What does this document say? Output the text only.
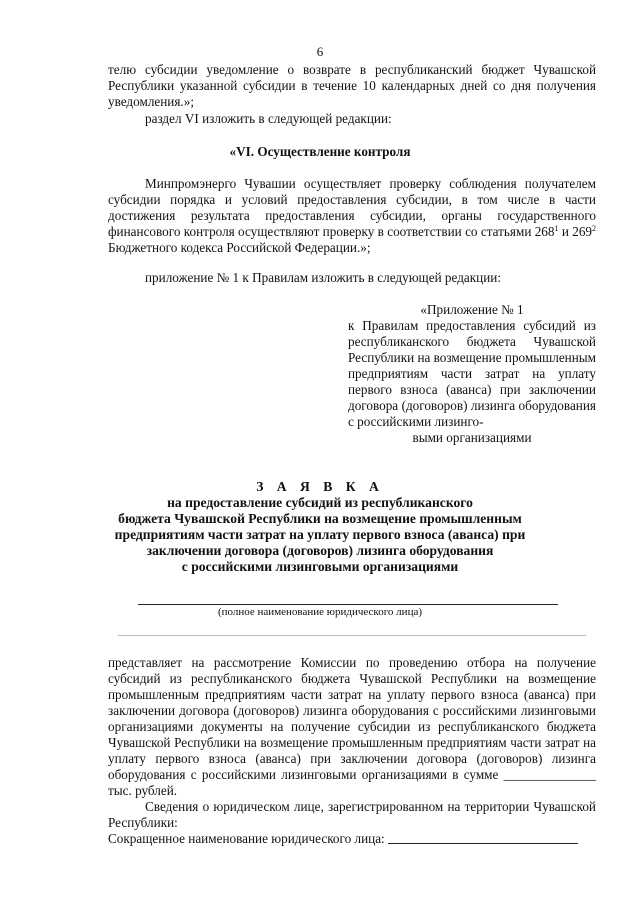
6

телю субсидии уведомление о возврате в республиканский бюджет Чувашской Республики указанной субсидии в течение 10 календарных дней со дня получения уведомления.»;

раздел VI изложить в следующей редакции:

«VI. Осуществление контроля

Минпромэнерго Чувашии осуществляет проверку соблюдения получателем субсидии порядка и условий предоставления субсидии, в том числе в части достижения результата предоставления субсидии, органы государственного финансового контроля осуществляют проверку в соответствии со статьями $268^1$ и $269^2$ Бюджетного кодекса Российской Федерации.»;

приложение № 1 к Правилам изложить в следующей редакции:

«Приложение № 1
к Правилам предоставления субсидий из республиканского бюджета Чувашской Республики на возмещение промышленным предприятиям части затрат на уплату первого взноса (аванса) при заключении договора (договоров) лизинга оборудования с российскими лизинго-
выми организациями
З А Я В К А
на предоставление субсидий из республиканского
бюджета Чувашской Республики на возмещение промышленным
предприятиям части затрат на уплату первого взноса (аванса) при
заключении договора (договоров) лизинга оборудования
с российскими лизинговыми организациями
(полное наименование юридического лица)

представляет на рассмотрение Комиссии по проведению отбора на получение субсидий из республиканского бюджета Чувашской Республики на возмещение промышленным предприятиям части затрат на уплату первого взноса (аванса) при заключении договора (договоров) лизинга оборудования с российскими лизинговыми организациями документы на получение субсидии из республиканского бюджета Чувашской Республики на возмещение промышленным предприятиям части затрат на уплату первого взноса (аванса) при заключении договора (договоров) лизинга оборудования с российскими лизинговыми организациями в сумме ______________ тыс. рублей.

Сведения о юридическом лице, зарегистрированном на территории Чувашской Республики:

Сокращенное наименование юридического лица:
